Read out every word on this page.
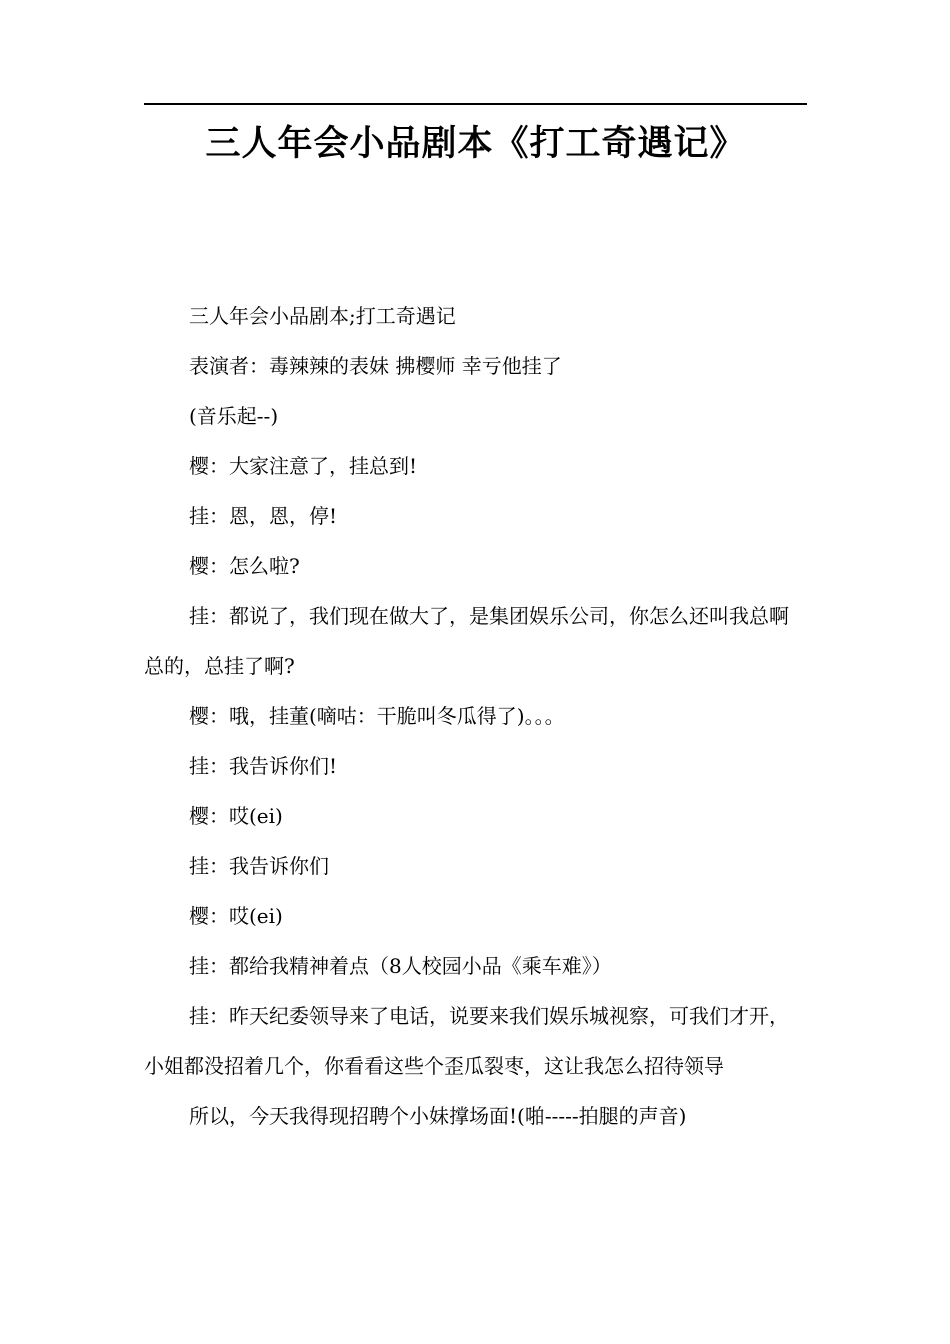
三人年会小品剧本《打工奇遇记》

三人年会小品剧本;打工奇遇记

表演者：毒辣辣的表妹 拂樱师 幸亏他挂了

(音乐起--)

樱：大家注意了，挂总到!

挂：恩，恩，停!

樱：怎么啦?

挂：都说了，我们现在做大了，是集团娱乐公司，你怎么还叫我总啊总的，总挂了啊?

樱：哦，挂董(嘀咕：干脆叫冬瓜得了)。。。

挂：我告诉你们!

樱：哎(ei)

挂：我告诉你们

樱：哎(ei)

挂：都给我精神着点（8人校园小品《乘车难》）

挂：昨天纪委领导来了电话，说要来我们娱乐城视察，可我们才开，小姐都没招着几个，你看看这些个歪瓜裂枣，这让我怎么招待领导

所以，今天我得现招聘个小妹撑场面!(啪-----拍腿的声音)
